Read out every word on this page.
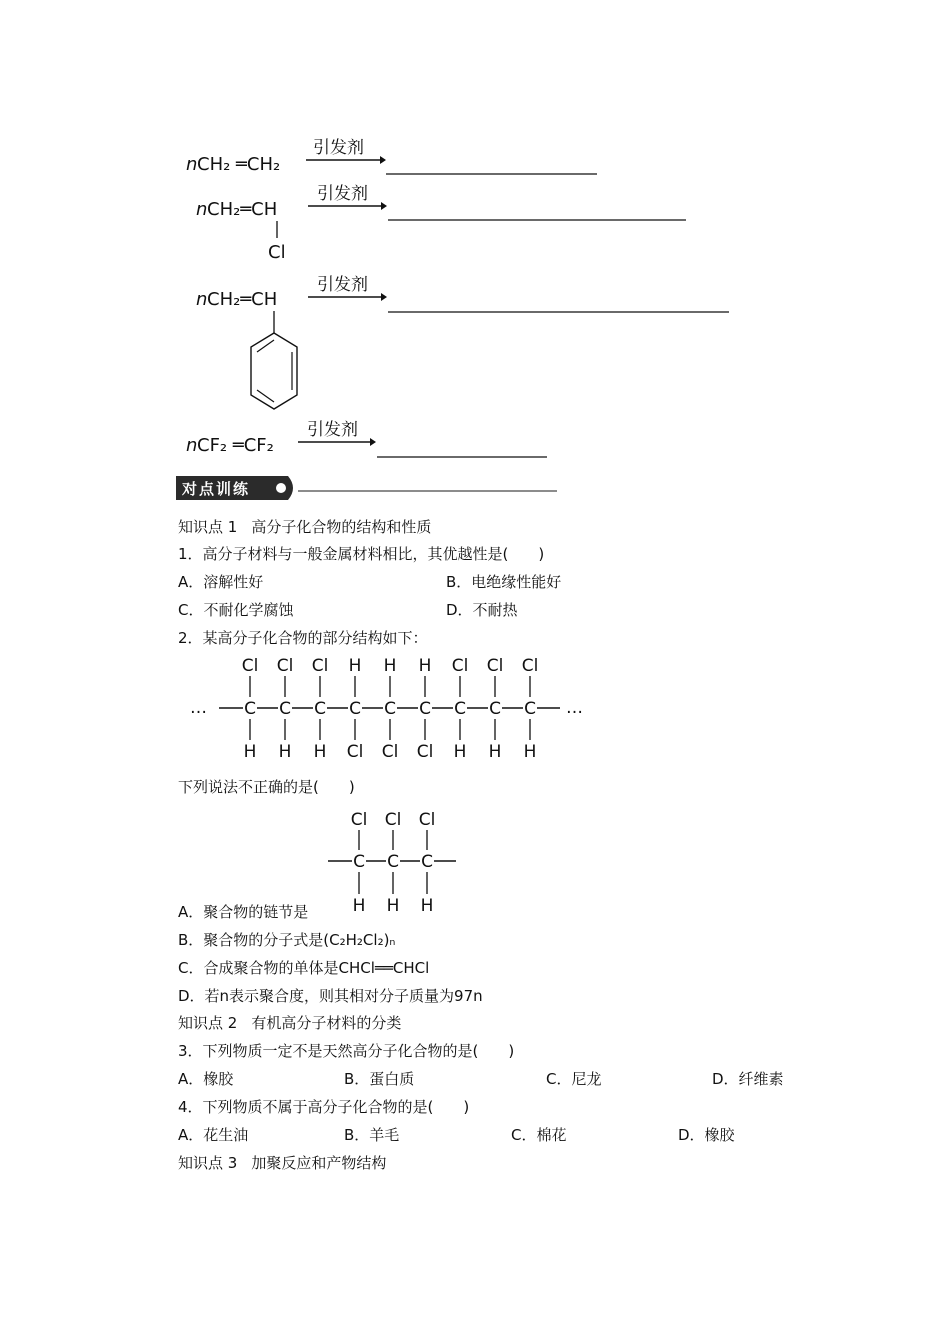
n CH₂ ═CH₂
引发剂
n CH₂═CH
Cl
引发剂
n CH₂═CH
引发剂
n CF₂ ═CF₂
引发剂
对点训练
…	…
Cl
C
H
Cl
C
H
Cl
C
H
H
C
Cl
H
C
Cl
H
C
Cl
Cl
C
H
Cl
C
H
Cl
C
H
Cl
C
H
Cl
C
H
Cl
C
H
知识点 1 高分子化合物的结构和性质
1．高分子材料与一般金属材料相比，其优越性是(　　)
A．溶解性好	B．电绝缘性能好
C．不耐化学腐蚀	D．不耐热
2．某高分子化合物的部分结构如下：
下列说法不正确的是(　　)
A．聚合物的链节是
B．聚合物的分子式是(C₂H₂Cl₂)ₙ
C．合成聚合物的单体是CHCl══CHCl
D．若n表示聚合度，则其相对分子质量为97n
知识点 2 有机高分子材料的分类
3．下列物质一定不是天然高分子化合物的是(　　)
A．橡胶	B．蛋白质	C．尼龙	D．纤维素
4．下列物质不属于高分子化合物的是(　　)
A．花生油	B．羊毛	C．棉花	D．橡胶
知识点 3 加聚反应和产物结构
